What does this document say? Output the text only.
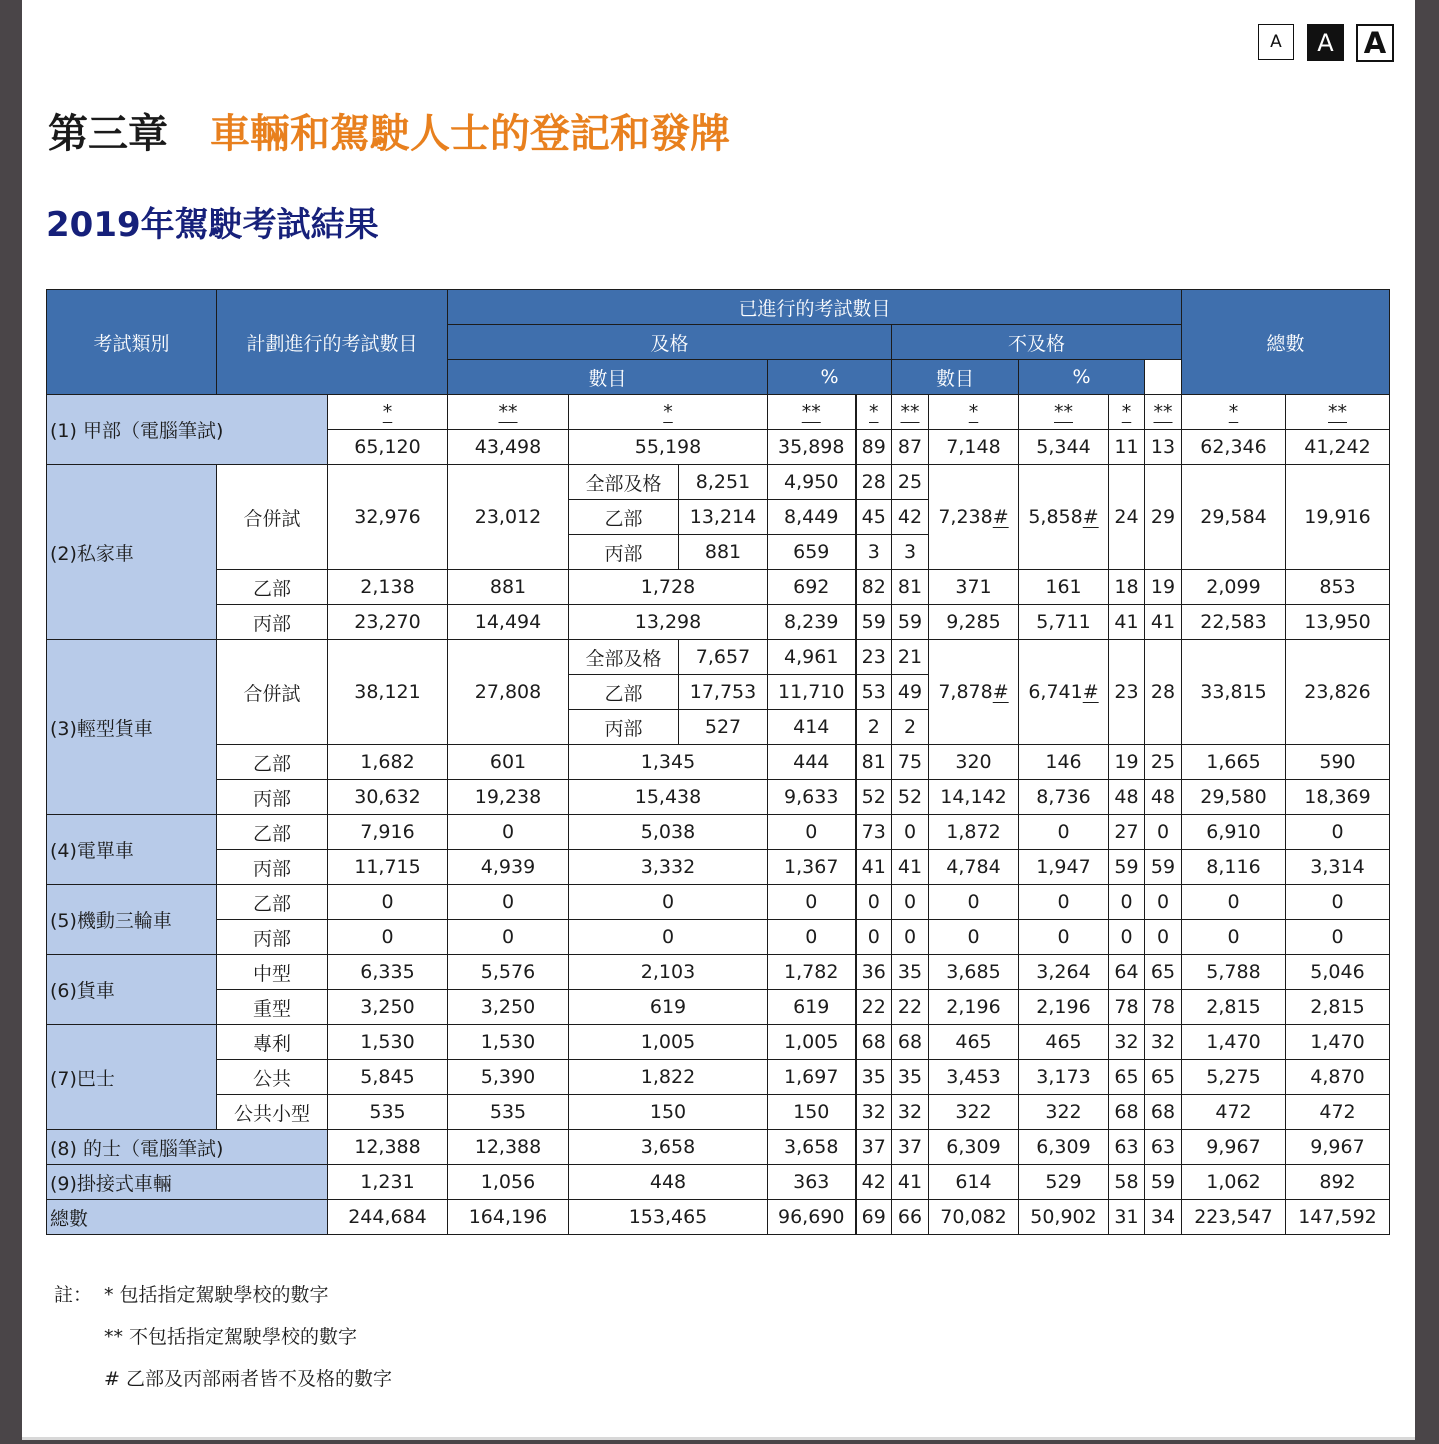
A	A	A
第三章 車輛和駕駛人士的登記和發牌
2019年駕駛考試結果
考試類別	計劃進行的考試數目		已進行的考試數目										總數	
			及格					不及格						
			數目			%		數目		%				
(1) 甲部（電腦筆試)		*	**	*		**	*	**	*	**	*	**	*	**
		65,120	43,498	55,198		35,898	89	87	7,148	5,344	11	13	62,346	41,242
(2)私家車	合併試	32,976	23,012	全部及格	8,251	4,950	28	25	7,238#	5,858#	24	29	29,584	19,916
				乙部	13,214	8,449	45	42						
				丙部	881	659	3	3						
	乙部	2,138	881	1,728		692	82	81	371	161	18	19	2,099	853
	丙部	23,270	14,494	13,298		8,239	59	59	9,285	5,711	41	41	22,583	13,950
(3)輕型貨車	合併試	38,121	27,808	全部及格	7,657	4,961	23	21	7,878#	6,741#	23	28	33,815	23,826
				乙部	17,753	11,710	53	49						
				丙部	527	414	2	2						
	乙部	1,682	601	1,345		444	81	75	320	146	19	25	1,665	590
	丙部	30,632	19,238	15,438		9,633	52	52	14,142	8,736	48	48	29,580	18,369
(4)電單車	乙部	7,916	0	5,038		0	73	0	1,872	0	27	0	6,910	0
	丙部	11,715	4,939	3,332		1,367	41	41	4,784	1,947	59	59	8,116	3,314
(5)機動三輪車	乙部	0	0	0		0	0	0	0	0	0	0	0	0
	丙部	0	0	0		0	0	0	0	0	0	0	0	0
(6)貨車	中型	6,335	5,576	2,103		1,782	36	35	3,685	3,264	64	65	5,788	5,046
	重型	3,250	3,250	619		619	22	22	2,196	2,196	78	78	2,815	2,815
(7)巴士	專利	1,530	1,530	1,005		1,005	68	68	465	465	32	32	1,470	1,470
	公共	5,845	5,390	1,822		1,697	35	35	3,453	3,173	65	65	5,275	4,870
	公共小型	535	535	150		150	32	32	322	322	68	68	472	472
(8) 的士（電腦筆試)		12,388	12,388	3,658		3,658	37	37	6,309	6,309	63	63	9,967	9,967
(9)掛接式車輛		1,231	1,056	448		363	42	41	614	529	58	59	1,062	892
總數		244,684	164,196	153,465		96,690	69	66	70,082	50,902	31	34	223,547	147,592
註： * 包括指定駕駛學校的數字
** 不包括指定駕駛學校的數字
# 乙部及丙部兩者皆不及格的數字
